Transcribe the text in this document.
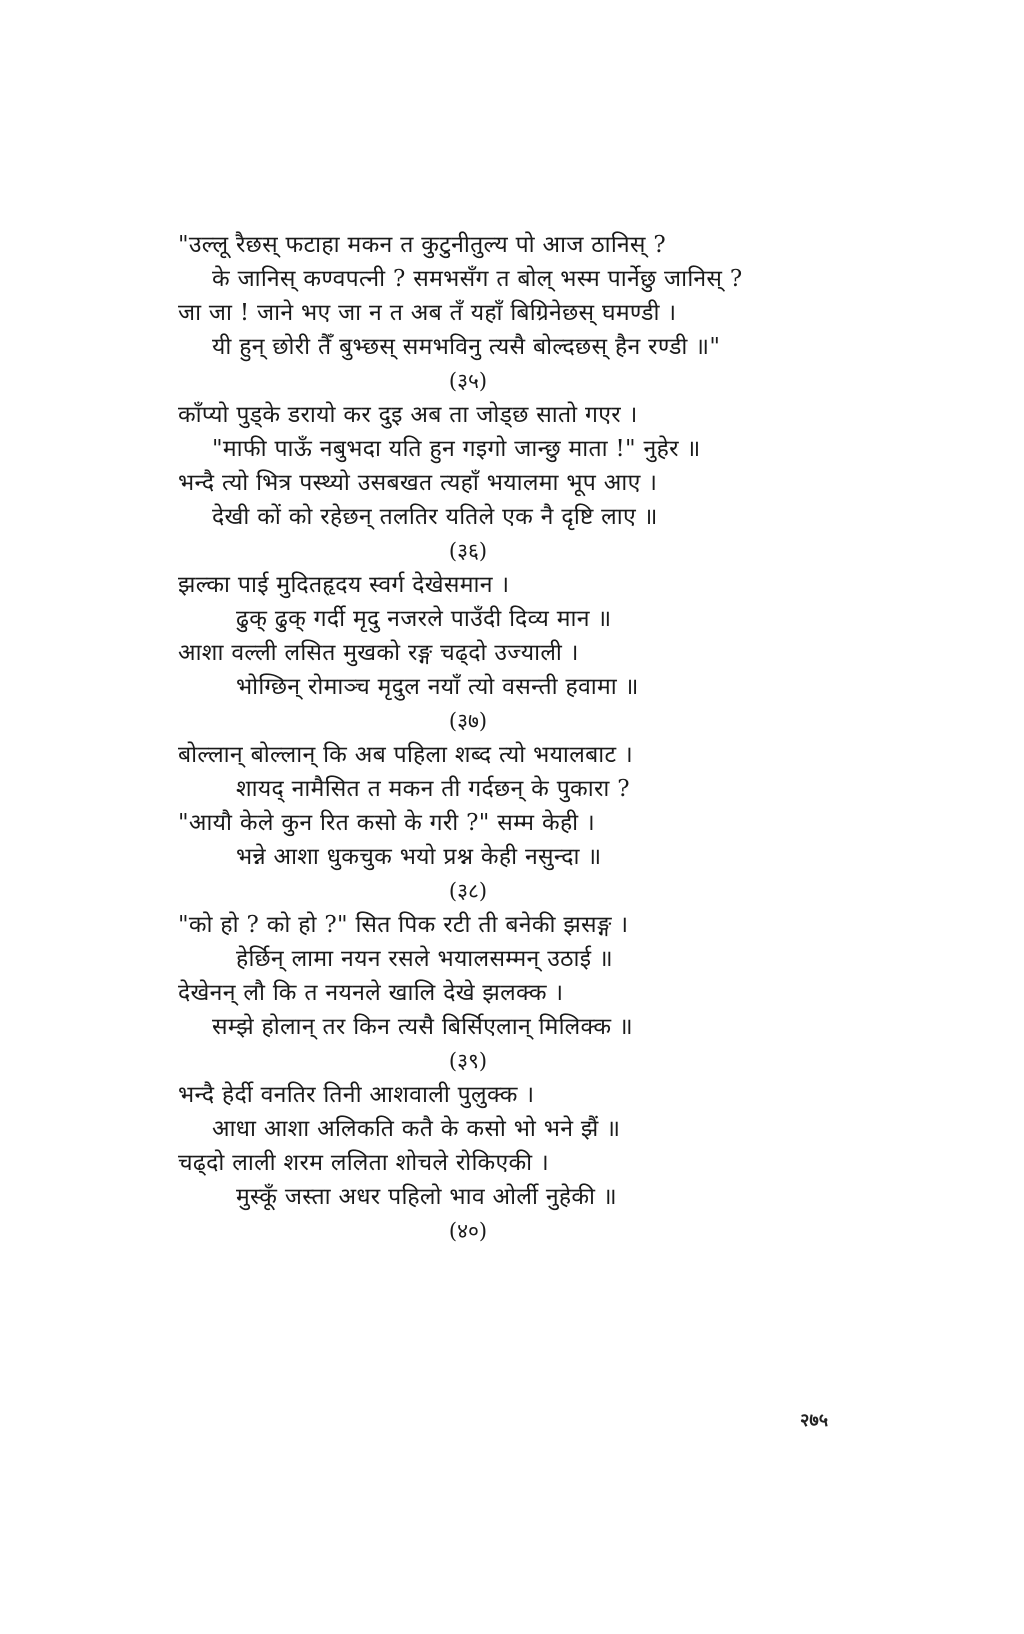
"उल्लू रैछस् फटाहा मकन त कुटुनीतुल्य पो आज ठानिस् ?
के जानिस् कण्वपत्नी ? समभसँग त बोल् भस्म पार्नेछु जानिस् ?
जा जा ! जाने भए जा न त अब तँ यहाँ बिग्रिनेछस् घमण्डी ।
यी हुन् छोरी तैँ बुभ्छस् समभविनु त्यसै बोल्दछस् हैन रण्डी ॥"
(३५)
काँप्यो पुड्के डरायो कर दुइ अब ता जोड्छ सातो गएर ।
"माफी पाऊँ नबुभदा यति हुन गइगो जान्छु माता !" नुहेर ॥
भन्दै त्यो भित्र पस्थ्यो उसबखत त्यहाँ भयालमा भूप आए ।
देखी कों को रहेछन् तलतिर यतिले एक नै दृष्टि लाए ॥
(३६)
झल्का पाई मुदितहृदय स्वर्ग देखेसमान ।
ढुक् ढुक् गर्दी मृदु नजरले पाउँदी दिव्य मान ॥
आशा वल्ली लसित मुखको रङ्ग चढ्दो उज्याली ।
भोग्छिन् रोमाञ्च मृदुल नयाँ त्यो वसन्ती हवामा ॥
(३७)
बोल्लान् बोल्लान् कि अब पहिला शब्द त्यो भयालबाट ।
शायद् नामैसित त मकन ती गर्दछन् के पुकारा ?
"आयौ केले कुन रित कसो के गरी ?" सम्म केही ।
भन्ने आशा धुकचुक भयो प्रश्न केही नसुन्दा ॥
(३८)
"को हो ? को हो ?" सित पिक रटी ती बनेकी झसङ्ग ।
हेर्छिन् लामा नयन रसले भयालसम्मन् उठाई ॥
देखेनन् लौ कि त नयनले खालि देखे झलक्क ।
सम्झे होलान् तर किन त्यसै बिर्सिएलान् मिलिक्क ॥
(३९)
भन्दै हेर्दी वनतिर तिनी आशवाली पुलुक्क ।
आधा आशा अलिकति कतै के कसो भो भने झैं ॥
चढ्दो लाली शरम ललिता शोचले रोकिएकी ।
मुस्कूँ जस्ता अधर पहिलो भाव ओर्ली नुहेकी ॥
(४०)
२७५
